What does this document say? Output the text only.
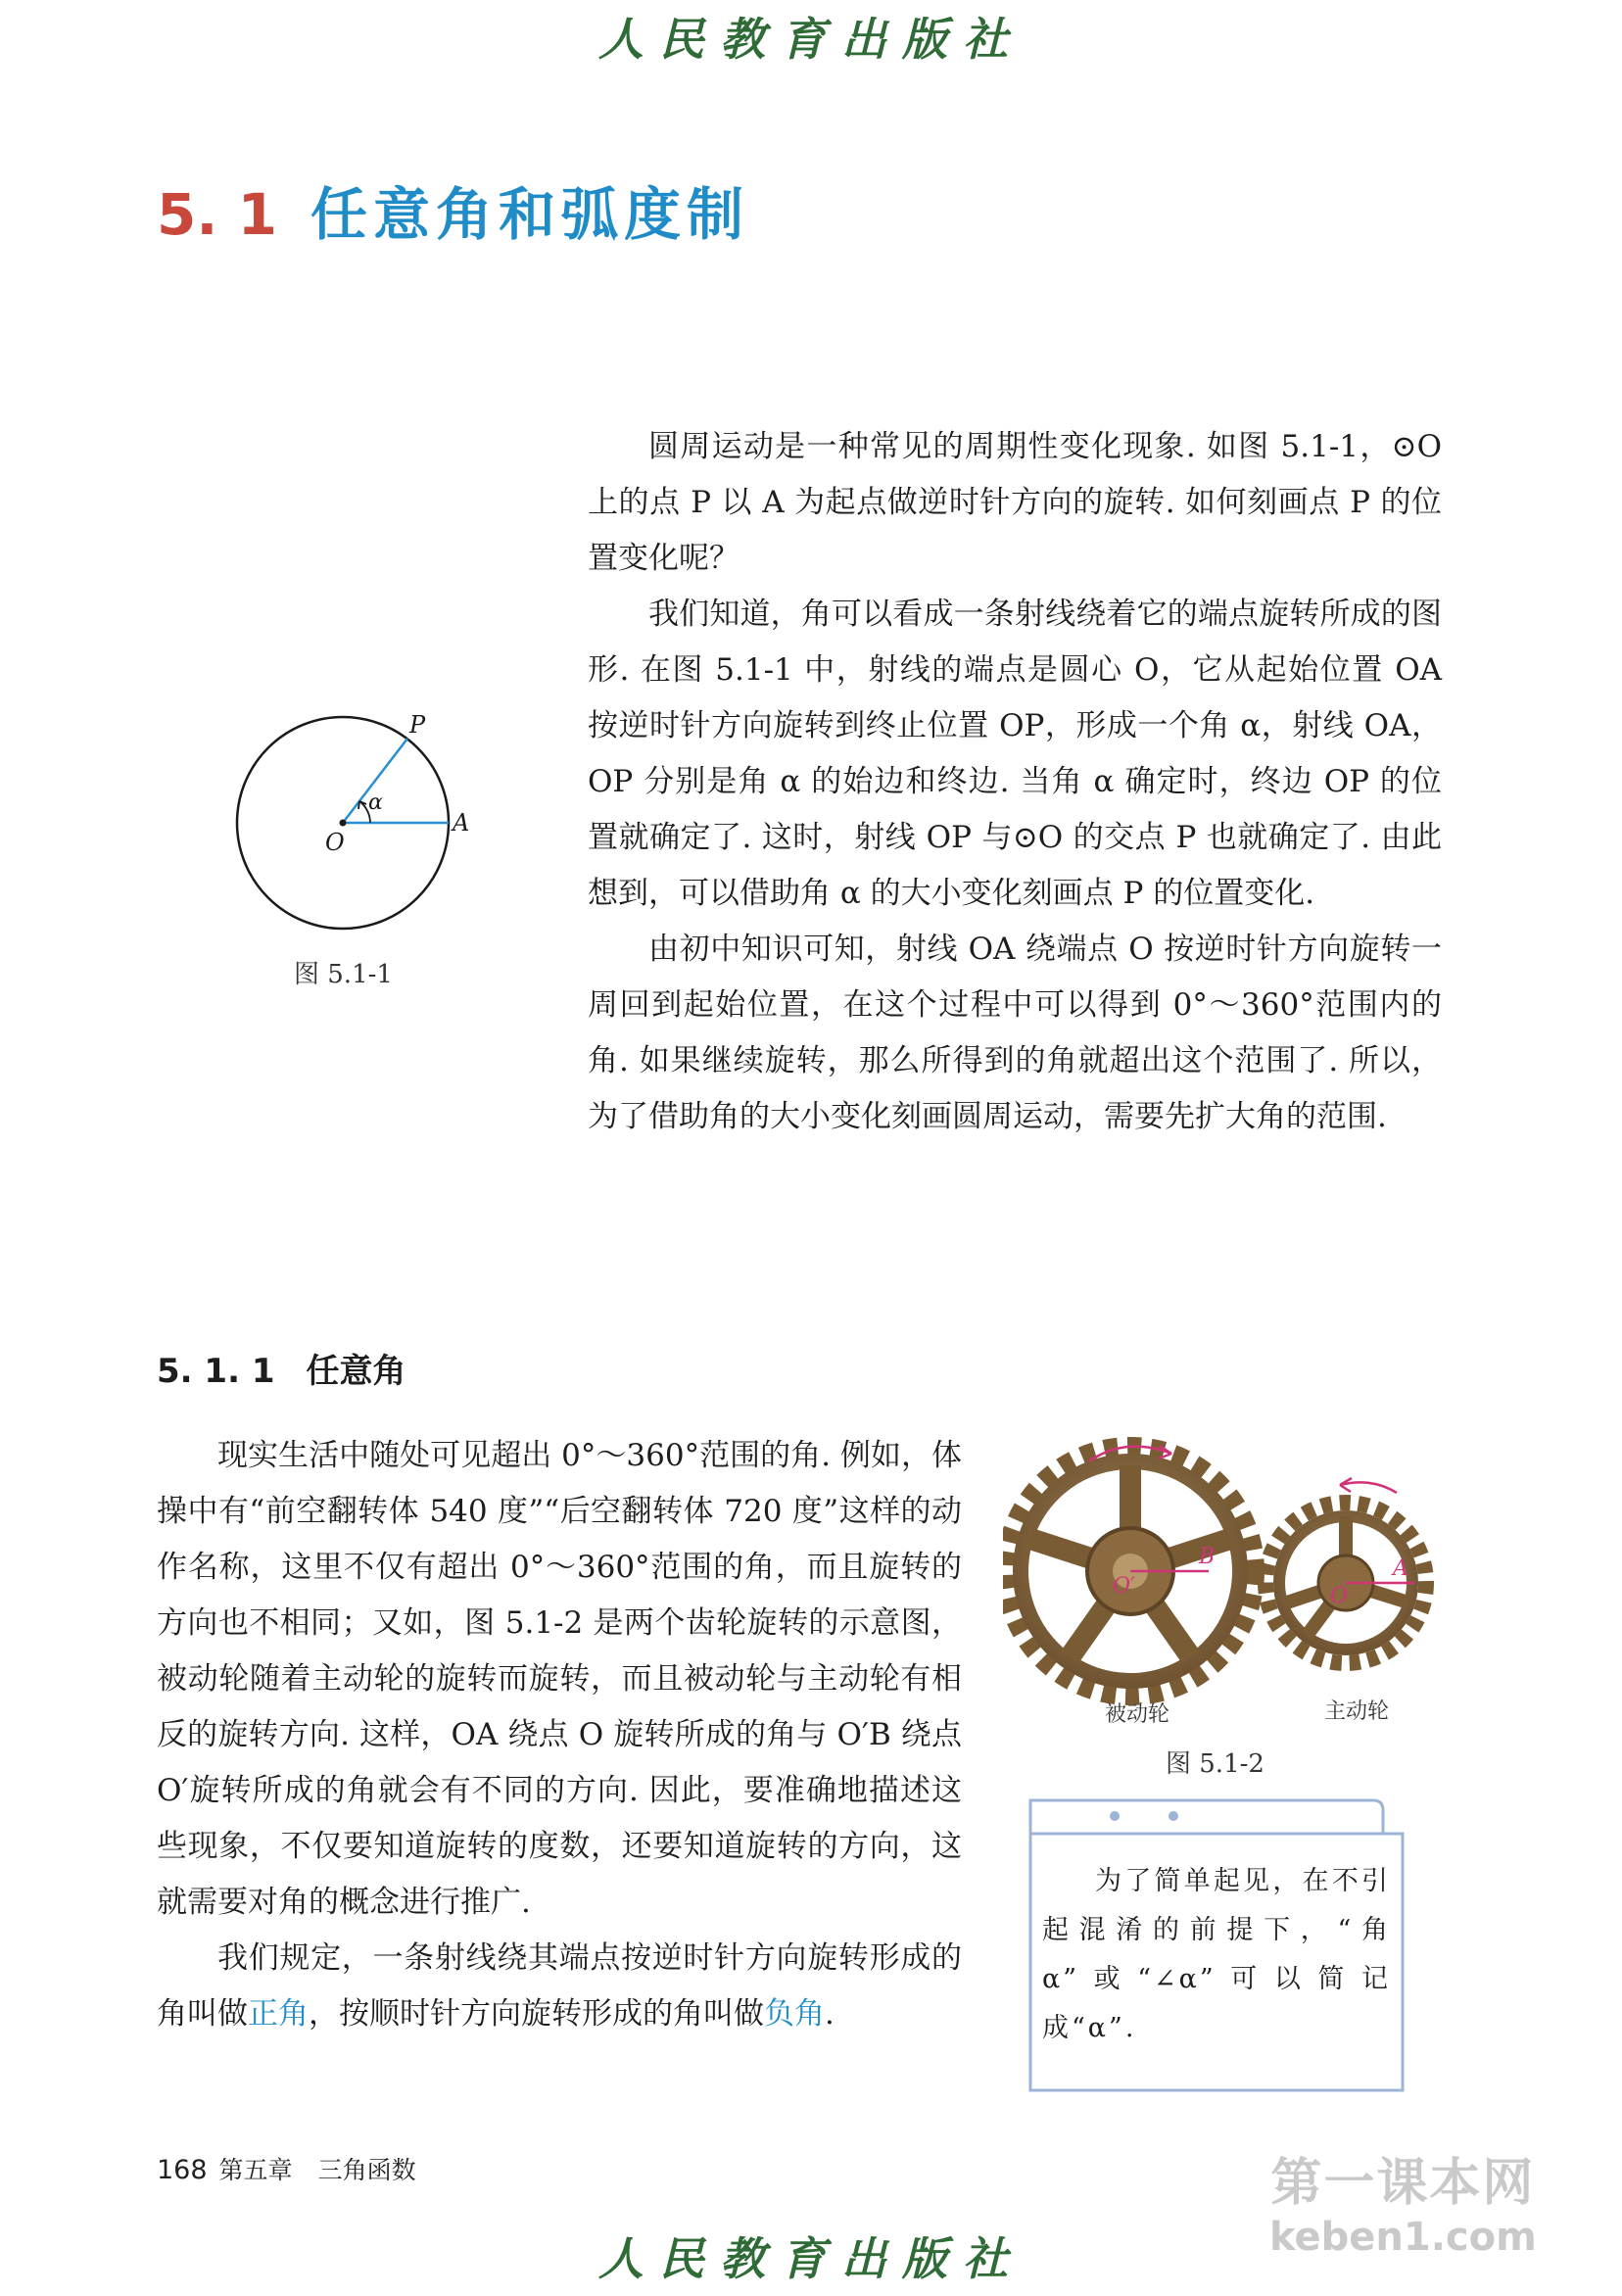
人民教育出版社
5. 1 任意角和弧度制
P
O
A
α
图 5.1-1

圆周运动是一种常见的周期性变化现象. 如图 5.1-1，⊙O 上的点 P 以 A 为起点做逆时针方向的旋转. 如何刻画点 P 的位置变化呢？

我们知道，角可以看成一条射线绕着它的端点旋转所成的图形. 在图 5.1-1 中，射线的端点是圆心 O，它从起始位置 OA 按逆时针方向旋转到终止位置 OP，形成一个角 α，射线 OA，OP 分别是角 α 的始边和终边. 当角 α 确定时，终边 OP 的位置就确定了. 这时，射线 OP 与⊙O 的交点 P 也就确定了. 由此想到，可以借助角 α 的大小变化刻画点 P 的位置变化.

由初中知识可知，射线 OA 绕端点 O 按逆时针方向旋转一周回到起始位置，在这个过程中可以得到 0°～360°范围内的角. 如果继续旋转，那么所得到的角就超出这个范围了. 所以，为了借助角的大小变化刻画圆周运动，需要先扩大角的范围.

5. 1. 1 任意角

现实生活中随处可见超出 0°～360°范围的角. 例如，体操中有“前空翻转体 540 度”“后空翻转体 720 度”这样的动作名称，这里不仅有超出 0°～360°范围的角，而且旋转的方向也不相同；又如，图 5.1-2 是两个齿轮旋转的示意图，被动轮随着主动轮的旋转而旋转，而且被动轮与主动轮有相反的旋转方向. 这样，OA 绕点 O 旋转所成的角与 O′B 绕点 O′旋转所成的角就会有不同的方向. 因此，要准确地描述这些现象，不仅要知道旋转的度数，还要知道旋转的方向，这就需要对角的概念进行推广.

我们规定，一条射线绕其端点按逆时针方向旋转形成的角叫做正角，按顺时针方向旋转形成的角叫做负角.

O′
B
O
A
被动轮	主动轮
图 5.1-2

为了简单起见，在不引起混淆的前提下，“角α”或“∠α”可以简记成“α”.

168 第五章 三角函数	第一课本网
keben1.com
人民教育出版社
